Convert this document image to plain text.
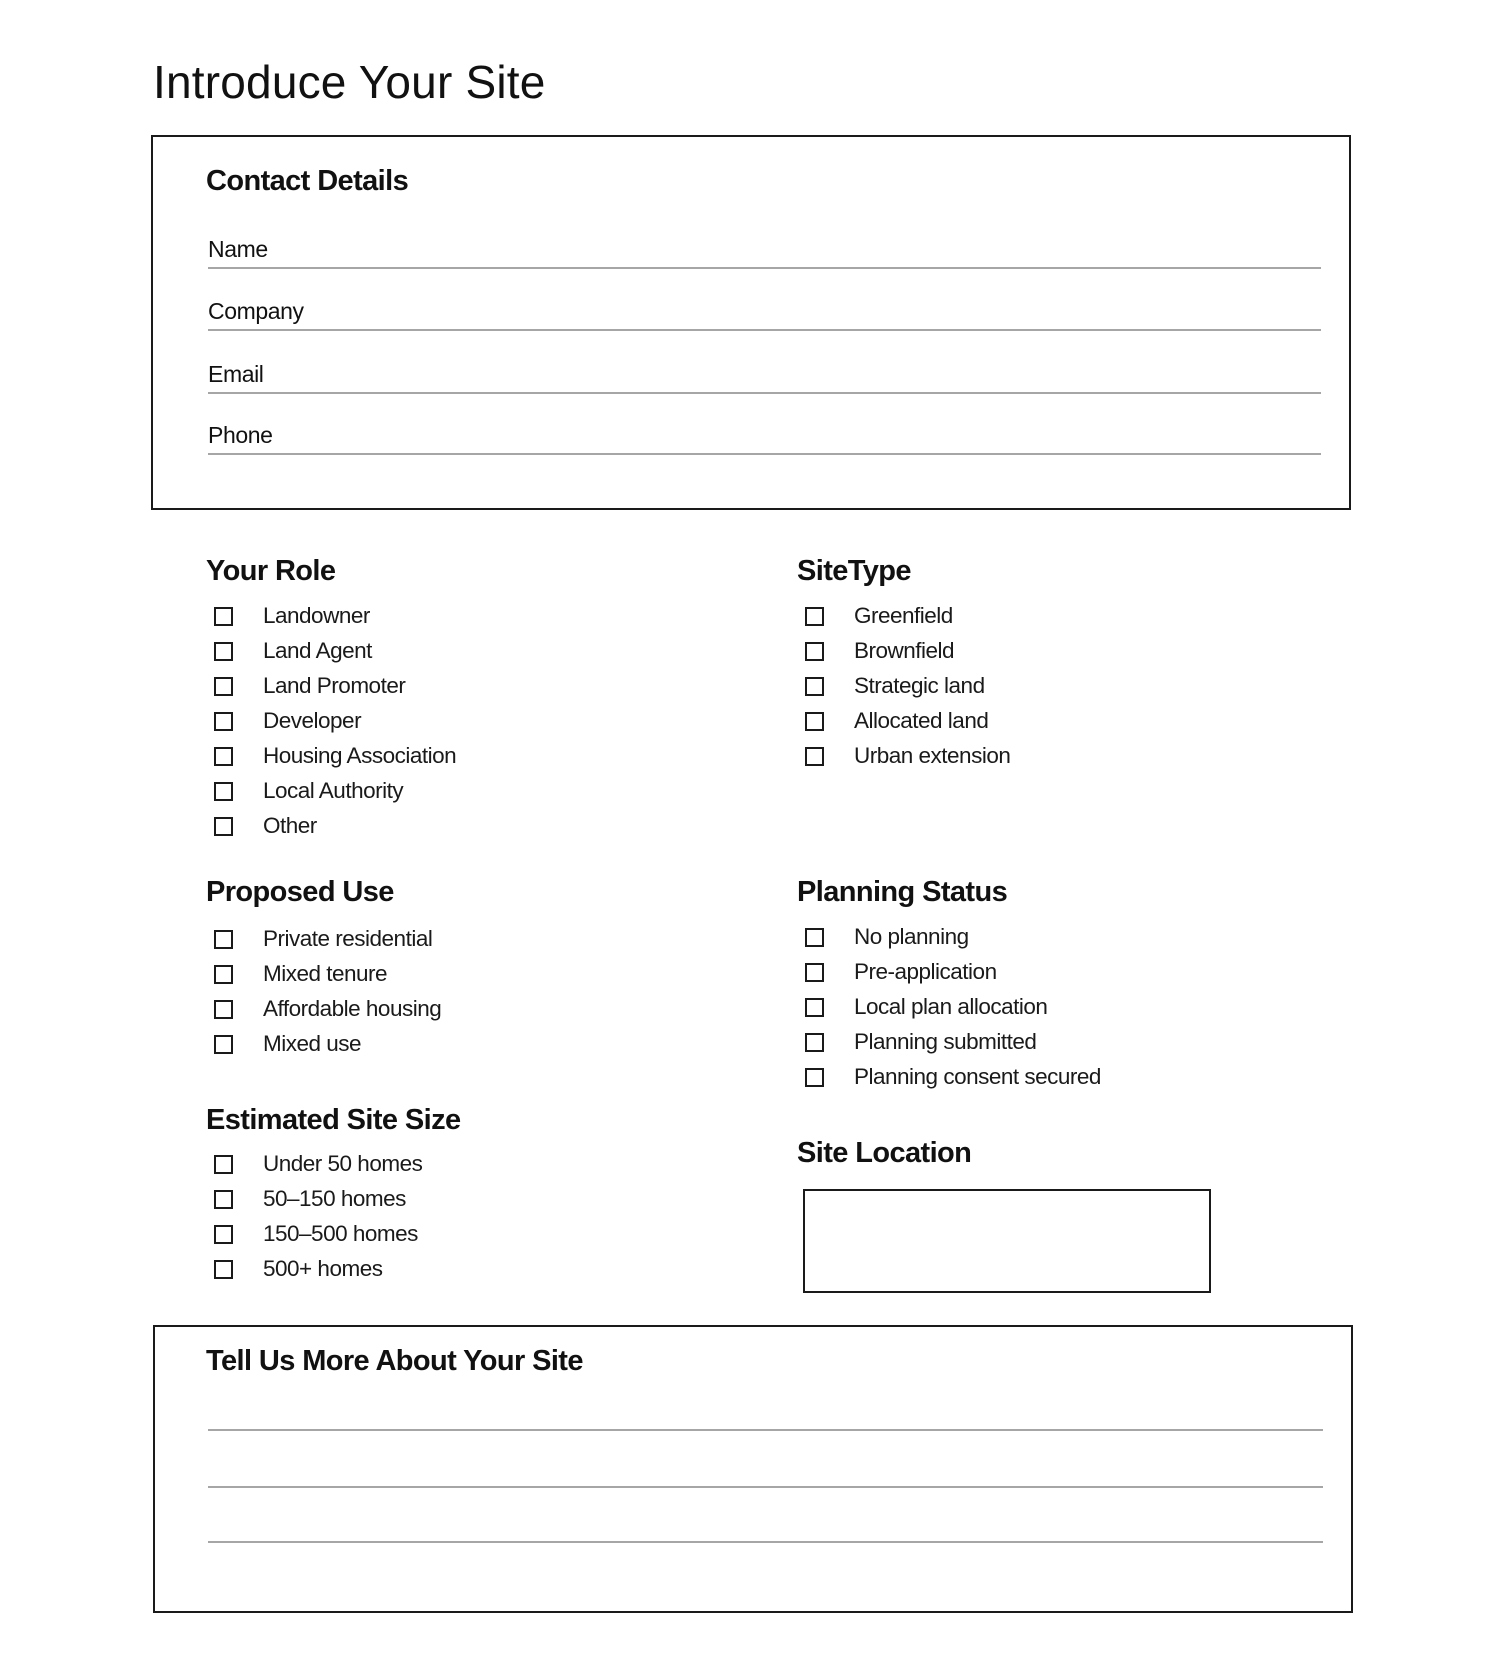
Introduce Your Site
Contact Details
Name
Company
Email
Phone
Your Role
Landowner
Land Agent
Land Promoter
Developer
Housing Association
Local Authority
Other
SiteType
Greenfield
Brownfield
Strategic land
Allocated land
Urban extension
Proposed Use
Private residential
Mixed tenure
Affordable housing
Mixed use
Planning Status
No planning
Pre-application
Local plan allocation
Planning submitted
Planning consent secured
Estimated Site Size
Under 50 homes
50–150 homes
150–500 homes
500+ homes
Site Location
Tell Us More About Your Site
